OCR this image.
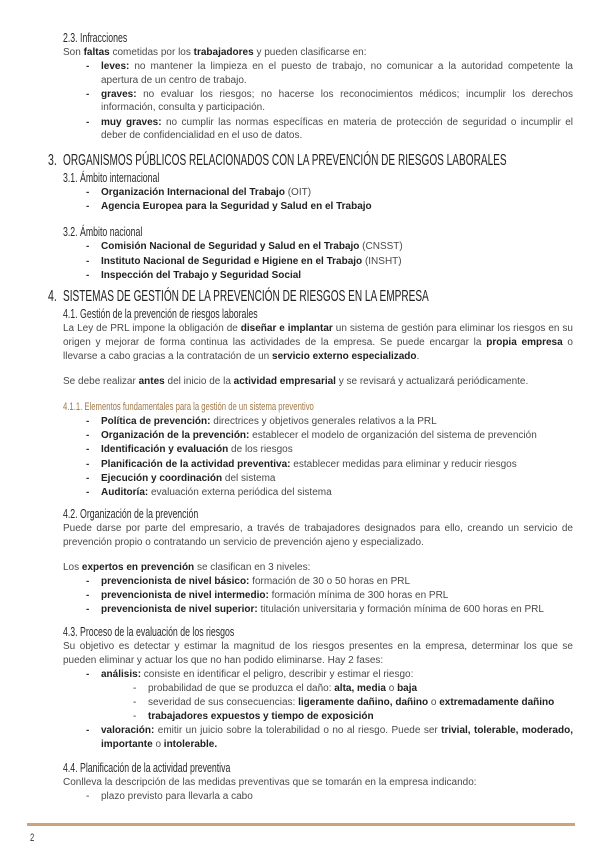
2.3. Infracciones

Son faltas cometidas por los trabajadores y pueden clasificarse en:

- leves: no mantener la limpieza en el puesto de trabajo, no comunicar a la autoridad competente la apertura de un centro de trabajo.
- graves: no evaluar los riesgos; no hacerse los reconocimientos médicos; incumplir los derechos información, consulta y participación.
- muy graves: no cumplir las normas específicas en materia de protección de seguridad o incumplir el deber de confidencialidad en el uso de datos.
3. ORGANISMOS PÚBLICOS RELACIONADOS CON LA PREVENCIÓN DE RIESGOS LABORALES
3.1. Ámbito internacional
- Organización Internacional del Trabajo (OIT)
- Agencia Europea para la Seguridad y Salud en el Trabajo
3.2. Ámbito nacional
- Comisión Nacional de Seguridad y Salud en el Trabajo (CNSST)
- Instituto Nacional de Seguridad e Higiene en el Trabajo (INSHT)
- Inspección del Trabajo y Seguridad Social
4. SISTEMAS DE GESTIÓN DE LA PREVENCIÓN DE RIESGOS EN LA EMPRESA
4.1. Gestión de la prevención de riesgos laborales

La Ley de PRL impone la obligación de diseñar e implantar un sistema de gestión para eliminar los riesgos en su origen y mejorar de forma continua las actividades de la empresa. Se puede encargar la propia empresa o llevarse a cabo gracias a la contratación de un servicio externo especializado.

Se debe realizar antes del inicio de la actividad empresarial y se revisará y actualizará periódicamente.

4.1.1. Elementos fundamentales para la gestión de un sistema preventivo
- Política de prevención: directrices y objetivos generales relativos a la PRL
- Organización de la prevención: establecer el modelo de organización del sistema de prevención
- Identificación y evaluación de los riesgos
- Planificación de la actividad preventiva: establecer medidas para eliminar y reducir riesgos
- Ejecución y coordinación del sistema
- Auditoría: evaluación externa periódica del sistema
4.2. Organización de la prevención

Puede darse por parte del empresario, a través de trabajadores designados para ello, creando un servicio de prevención propio o contratando un servicio de prevención ajeno y especializado.

Los expertos en prevención se clasifican en 3 niveles:

- prevencionista de nivel básico: formación de 30 o 50 horas en PRL
- prevencionista de nivel intermedio: formación mínima de 300 horas en PRL
- prevencionista de nivel superior: titulación universitaria y formación mínima de 600 horas en PRL
4.3. Proceso de la evaluación de los riesgos

Su objetivo es detectar y estimar la magnitud de los riesgos presentes en la empresa, determinar los que se pueden eliminar y actuar los que no han podido eliminarse. Hay 2 fases:

- análisis: consiste en identificar el peligro, describir y estimar el riesgo:
- probabilidad de que se produzca el daño: alta, media o baja
- severidad de sus consecuencias: ligeramente dañino, dañino o extremadamente dañino
- trabajadores expuestos y tiempo de exposición
- valoración: emitir un juicio sobre la tolerabilidad o no al riesgo. Puede ser trivial, tolerable, moderado, importante o intolerable.
4.4. Planificación de la actividad preventiva

Conlleva la descripción de las medidas preventivas que se tomarán en la empresa indicando:

- plazo previsto para llevarla a cabo
2
